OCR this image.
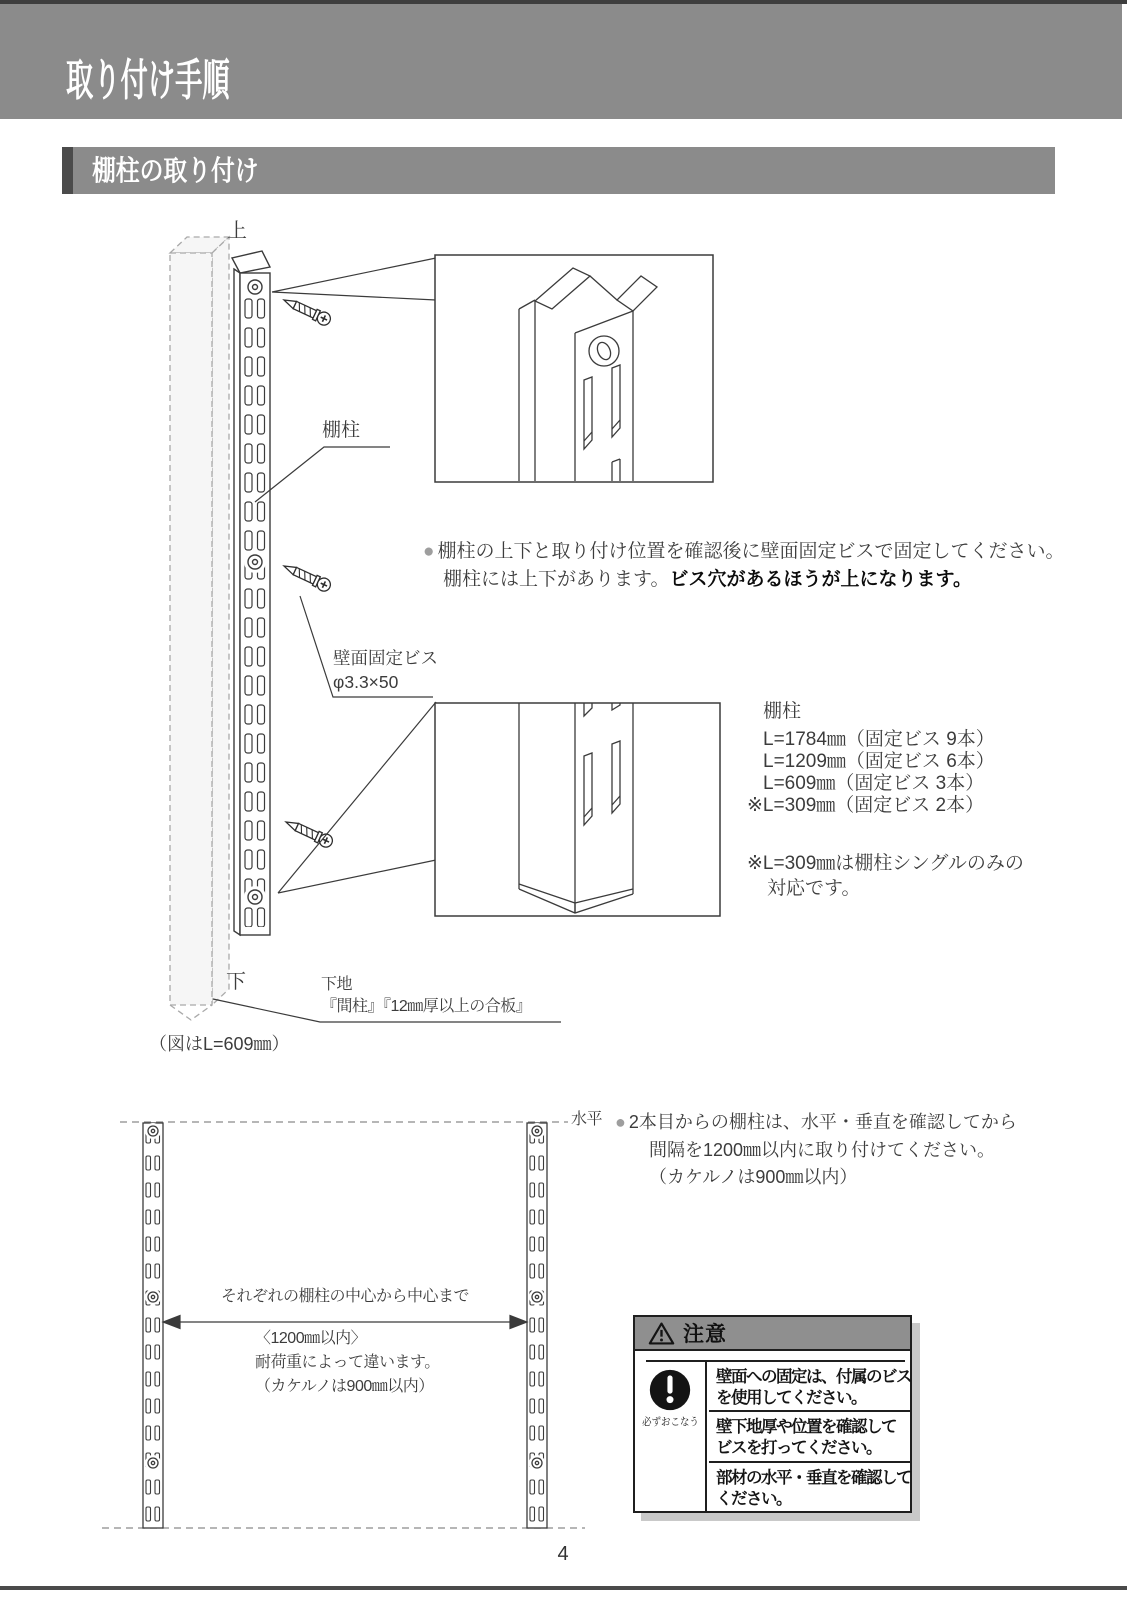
取り付け手順
棚柱の取り付け
上
棚柱
壁面固定ビス
φ3.3×50
下	下地
『間柱』『12㎜厚以上の合板』
（図はL=609㎜）
● 棚柱の上下と取り付け位置を確認後に壁面固定ビスで固定してください。
棚柱には上下があります。ビス穴があるほうが上になります。
棚柱
L=1784㎜（固定ビス 9本）
L=1209㎜（固定ビス 6本）
L=609㎜（固定ビス 3本）
※L=309㎜（固定ビス 2本）
※L=309㎜は棚柱シングルのみの
対応です。
水平 ● 2本目からの棚柱は、水平・垂直を確認してから
間隔を1200㎜以内に取り付けてください。
（カケルノは900㎜以内）
それぞれの棚柱の中心から中心まで
〈1200㎜以内〉
耐荷重によって違います。
（カケルノは900㎜以内）
注意
必ずおこなう
壁面への固定は、付属のビス
を使用してください。
壁下地厚や位置を確認して
ビスを打ってください。
部材の水平・垂直を確認して
ください。
4
